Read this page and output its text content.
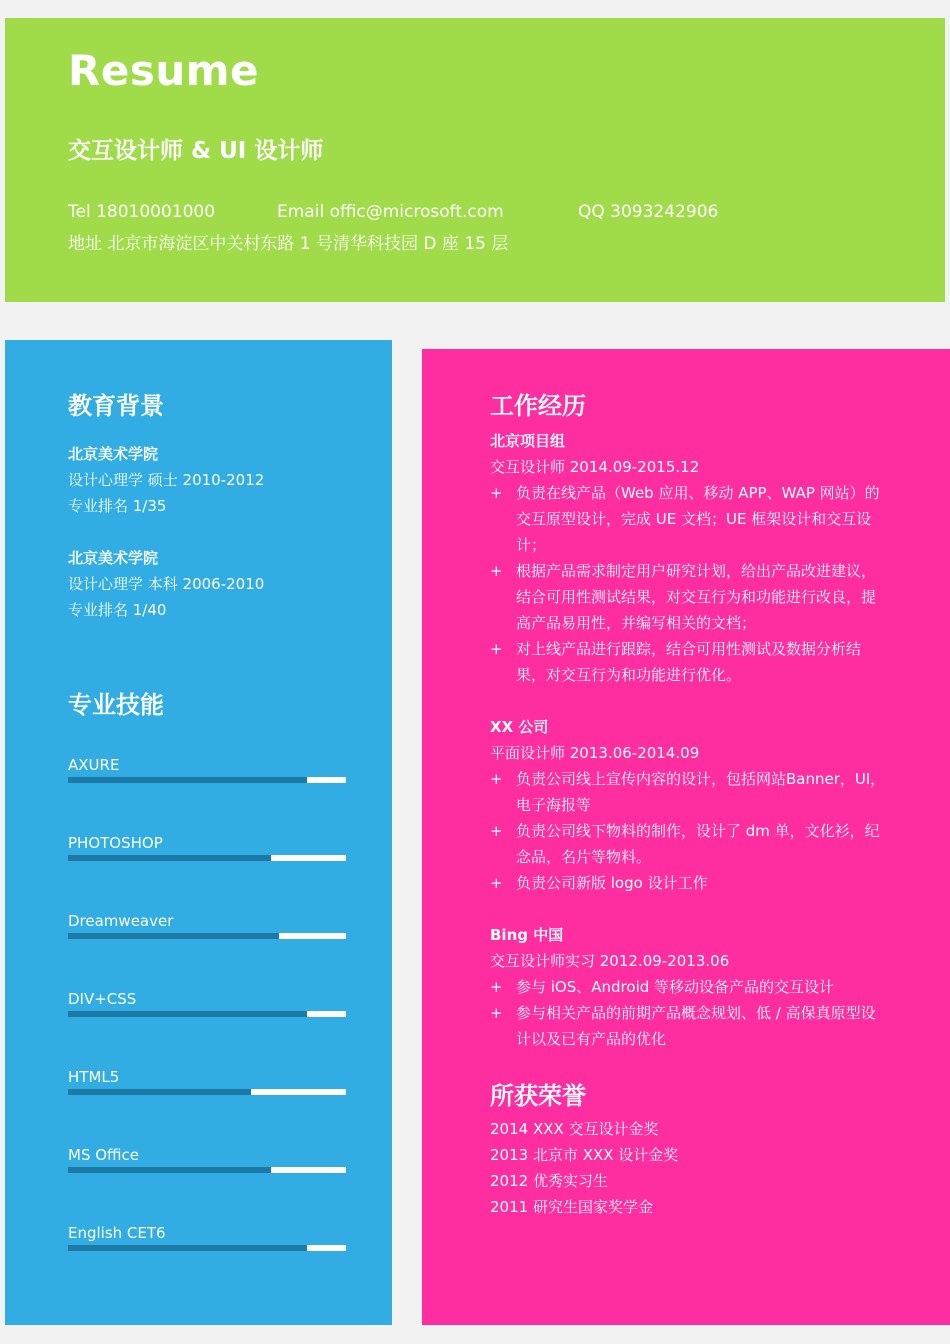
Resume
交互设计师 & UI 设计师
Tel 18010001000	Email offic@microsoft.com	QQ 3093242906
地址 北京市海淀区中关村东路 1 号清华科技园 D 座 15 层
教育背景
北京美术学院
设计心理学 硕士 2010-2012
专业排名 1/35
北京美术学院
设计心理学 本科 2006-2010
专业排名 1/40
专业技能
AXURE
PHOTOSHOP
Dreamweaver
DIV+CSS
HTML5
MS Office
English CET6
工作经历
北京项目组
交互设计师 2014.09-2015.12
+ 负责在线产品（Web 应用、移动 APP、WAP 网站）的交互原型设计，完成 UE 文档；UE 框架设计和交互设计；
+ 根据产品需求制定用户研究计划，给出产品改进建议，结合可用性测试结果，对交互行为和功能进行改良，提高产品易用性，并编写相关的文档；
+ 对上线产品进行跟踪，结合可用性测试及数据分析结果，对交互行为和功能进行优化。
XX 公司
平面设计师 2013.06-2014.09
+ 负责公司线上宣传内容的设计，包括网站Banner，UI，电子海报等
+ 负责公司线下物料的制作，设计了 dm 单，文化衫，纪念品，名片等物料。
+ 负责公司新版 logo 设计工作
Bing 中国
交互设计师实习 2012.09-2013.06
+ 参与 iOS、Android 等移动设备产品的交互设计
+ 参与相关产品的前期产品概念规划、低 / 高保真原型设计以及已有产品的优化
所获荣誉
2014 XXX 交互设计金奖
2013 北京市 XXX 设计金奖
2012 优秀实习生
2011 研究生国家奖学金
